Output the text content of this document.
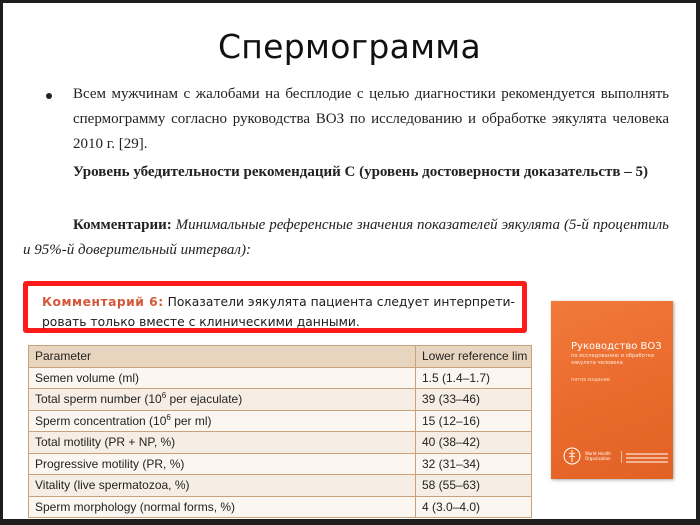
Спермограмма
Всем мужчинам с жалобами на бесплодие с целью диагностики рекомендуется выполнять спермограмму согласно руководства ВОЗ по исследованию и обработке эякулята человека 2010 г. [29].
Уровень убедительности рекомендаций С (уровень достоверности доказательств – 5)
Комментарии: Минимальные референсные значения показателей эякулята (5-й процентиль и 95%-й доверительный интервал):
Комментарий 6: Показатели эякулята пациента следует интерпрети-ровать только вместе с клиническими данными.
Parameter	Lower reference lim
Semen volume (ml)	1.5 (1.4–1.7)
Total sperm number ($10^6$ per ejaculate)	39 (33–46)
Sperm concentration ($10^6$ per ml)	15 (12–16)
Total motility (PR + NP, %)	40 (38–42)
Progressive motility (PR, %)	32 (31–34)
Vitality (live spermatozoa, %)	58 (55–63)
Sperm morphology (normal forms, %)	4 (3.0–4.0)
Руководство ВОЗ
по исследованию и обработке эякулята человека
пятое издание
World Health Organization
